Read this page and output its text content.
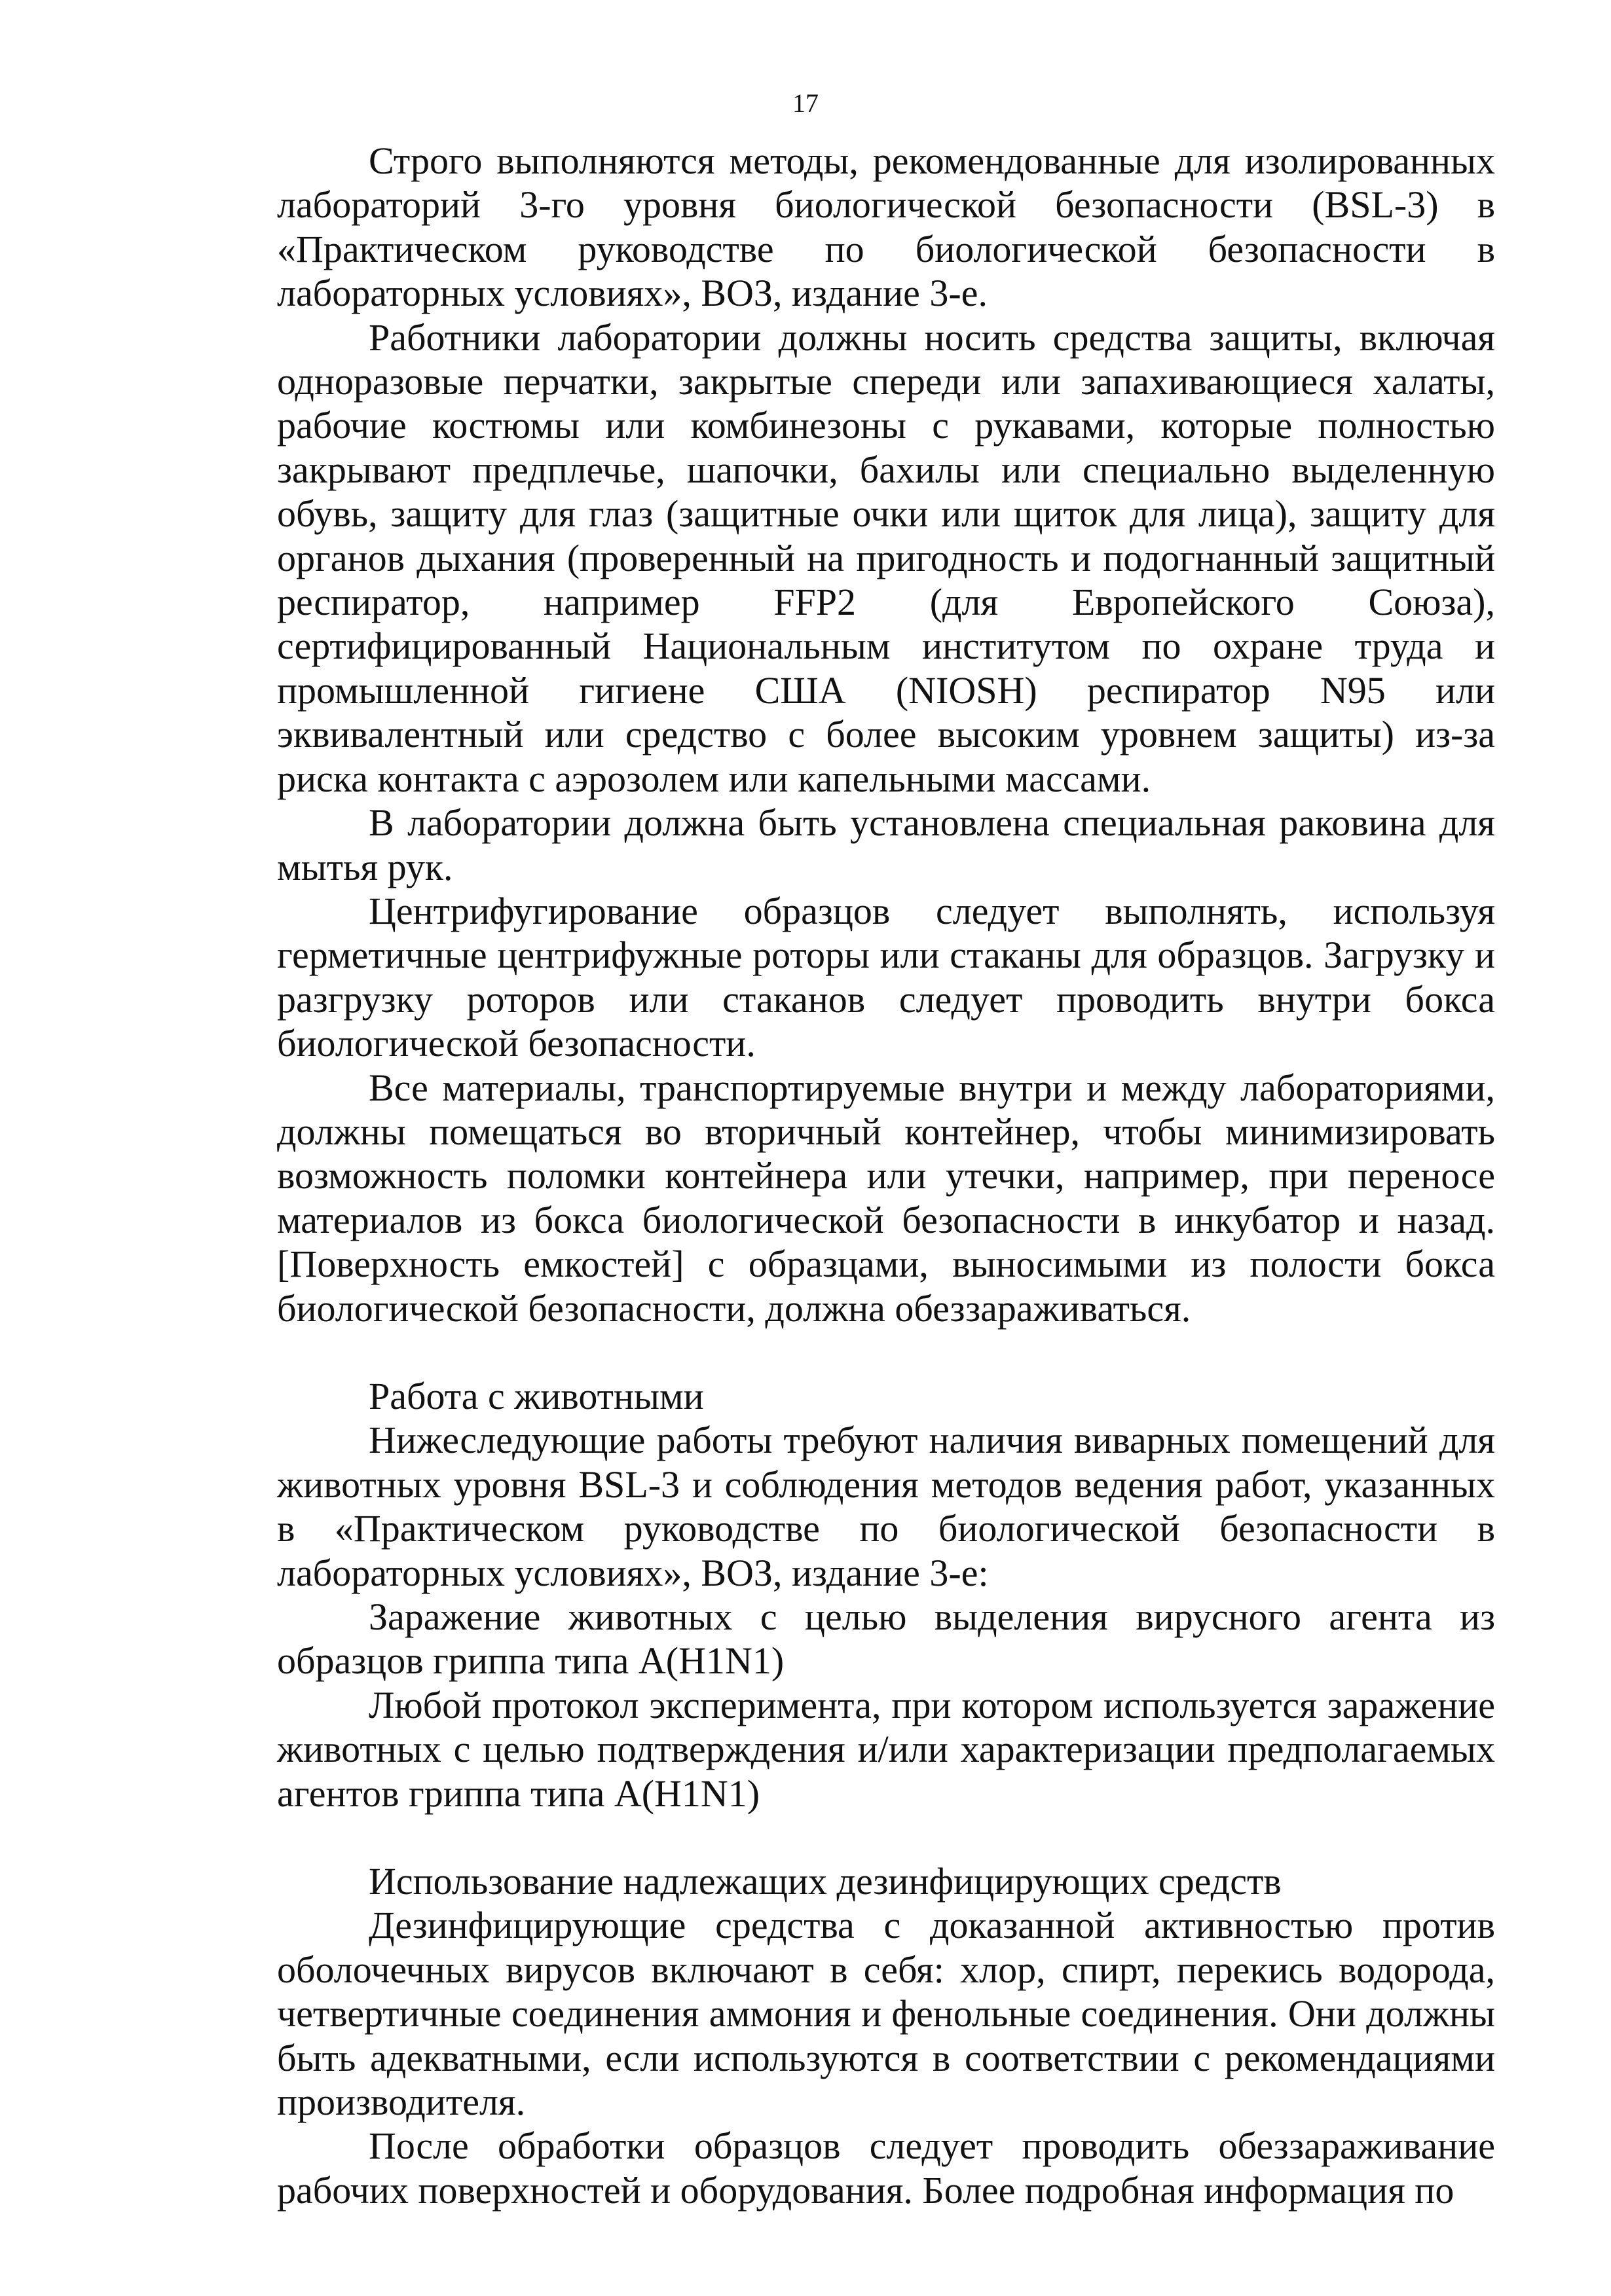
17

Строго выполняются методы, рекомендованные для изолированных лабораторий 3-го уровня биологической безопасности (BSL-3) в «Практическом руководстве по биологической безопасности в лабораторных условиях», ВОЗ, издание 3-е.

Работники лаборатории должны носить средства защиты, включая одноразовые перчатки, закрытые спереди или запахивающиеся халаты, рабочие костюмы или комбинезоны с рукавами, которые полностью закрывают предплечье, шапочки, бахилы или специально выделенную обувь, защиту для глаз (защитные очки или щиток для лица), защиту для органов дыхания (проверенный на пригодность и подогнанный защитный респиратор, например FFP2 (для Европейского Союза), сертифицированный Национальным институтом по охране труда и промышленной гигиене США (NIOSH) респиратор N95 или эквивалентный или средство с более высоким уровнем защиты) из-за риска контакта с аэрозолем или капельными массами.

В лаборатории должна быть установлена специальная раковина для мытья рук.

Центрифугирование образцов следует выполнять, используя герметичные центрифужные роторы или стаканы для образцов. Загрузку и разгрузку роторов или стаканов следует проводить внутри бокса биологической безопасности.

Все материалы, транспортируемые внутри и между лабораториями, должны помещаться во вторичный контейнер, чтобы минимизировать возможность поломки контейнера или утечки, например, при переносе материалов из бокса биологической безопасности в инкубатор и назад. [Поверхность емкостей] с образцами, выносимыми из полости бокса биологической безопасности, должна обеззараживаться.

Работа с животными

Нижеследующие работы требуют наличия виварных помещений для животных уровня BSL-3 и соблюдения методов ведения работ, указанных в «Практическом руководстве по биологической безопасности в лабораторных условиях», ВОЗ, издание 3-е:

Заражение животных с целью выделения вирусного агента из образцов гриппа типа A(H1N1)

Любой протокол эксперимента, при котором используется заражение животных с целью подтверждения и/или характеризации предполагаемых агентов гриппа типа A(H1N1)

Использование надлежащих дезинфицирующих средств

Дезинфицирующие средства с доказанной активностью против оболочечных вирусов включают в себя: хлор, спирт, перекись водорода, четвертичные соединения аммония и фенольные соединения. Они должны быть адекватными, если используются в соответствии с рекомендациями производителя.

После обработки образцов следует проводить обеззараживание рабочих поверхностей и оборудования. Более подробная информация по
